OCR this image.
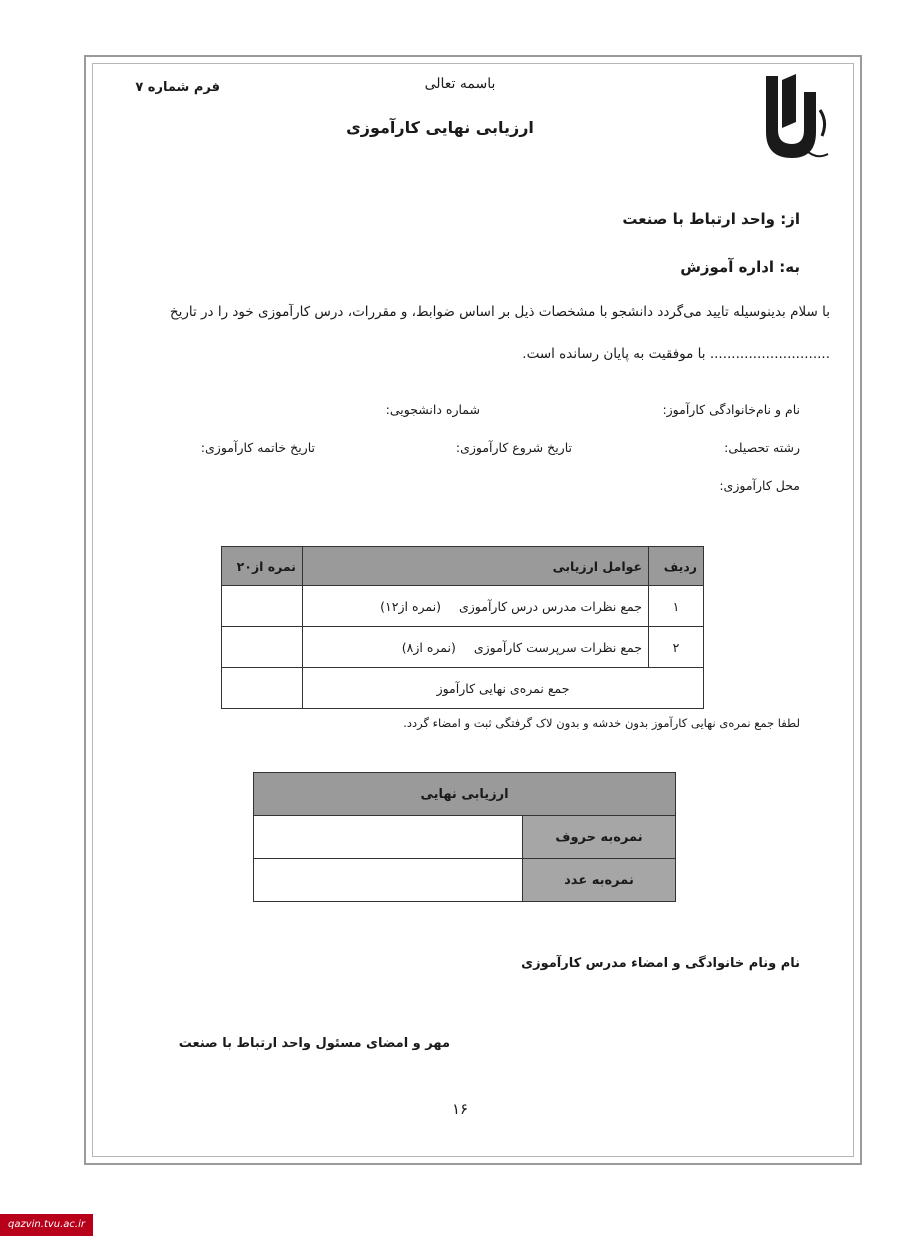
باسمه تعالی
فرم شماره ۷
ارزیابی نهایی کارآموزی
از: واحد ارتباط با صنعت
به: اداره آموزش
با سلام بدینوسیله تایید می‌گردد دانشجو با مشخصات ذیل بر اساس ضوابط، و مقررات، درس کارآموزی خود را در تاریخ
............................ با موفقیت به پایان رسانده است.
نام و نام‌خانوادگی کارآموز:
شماره دانشجویی:
رشته تحصیلی:
تاریخ شروع کارآموزی:
تاریخ خاتمه کارآموزی:
محل کارآموزی:
ردیف	عوامل ارزیابی	نمره از۲۰
۱	جمع نظرات مدرس درس کارآموزی (نمره از۱۲)	
۲	جمع نظرات سرپرست کارآموزی (نمره از۸)	
جمع نمره‌ی نهایی کارآموز		
لطفا جمع نمره‌ی نهایی کارآموز بدون خدشه و بدون لاک گرفتگی ثبت و امضاء گردد.
ارزیابی نهایی	
نمره‌به حروف	
نمره‌به عدد	
نام ونام خانوادگی و امضاء مدرس کارآموزی
مهر و امضای مسئول واحد ارتباط با صنعت
۱۶
qazvin.tvu.ac.ir
